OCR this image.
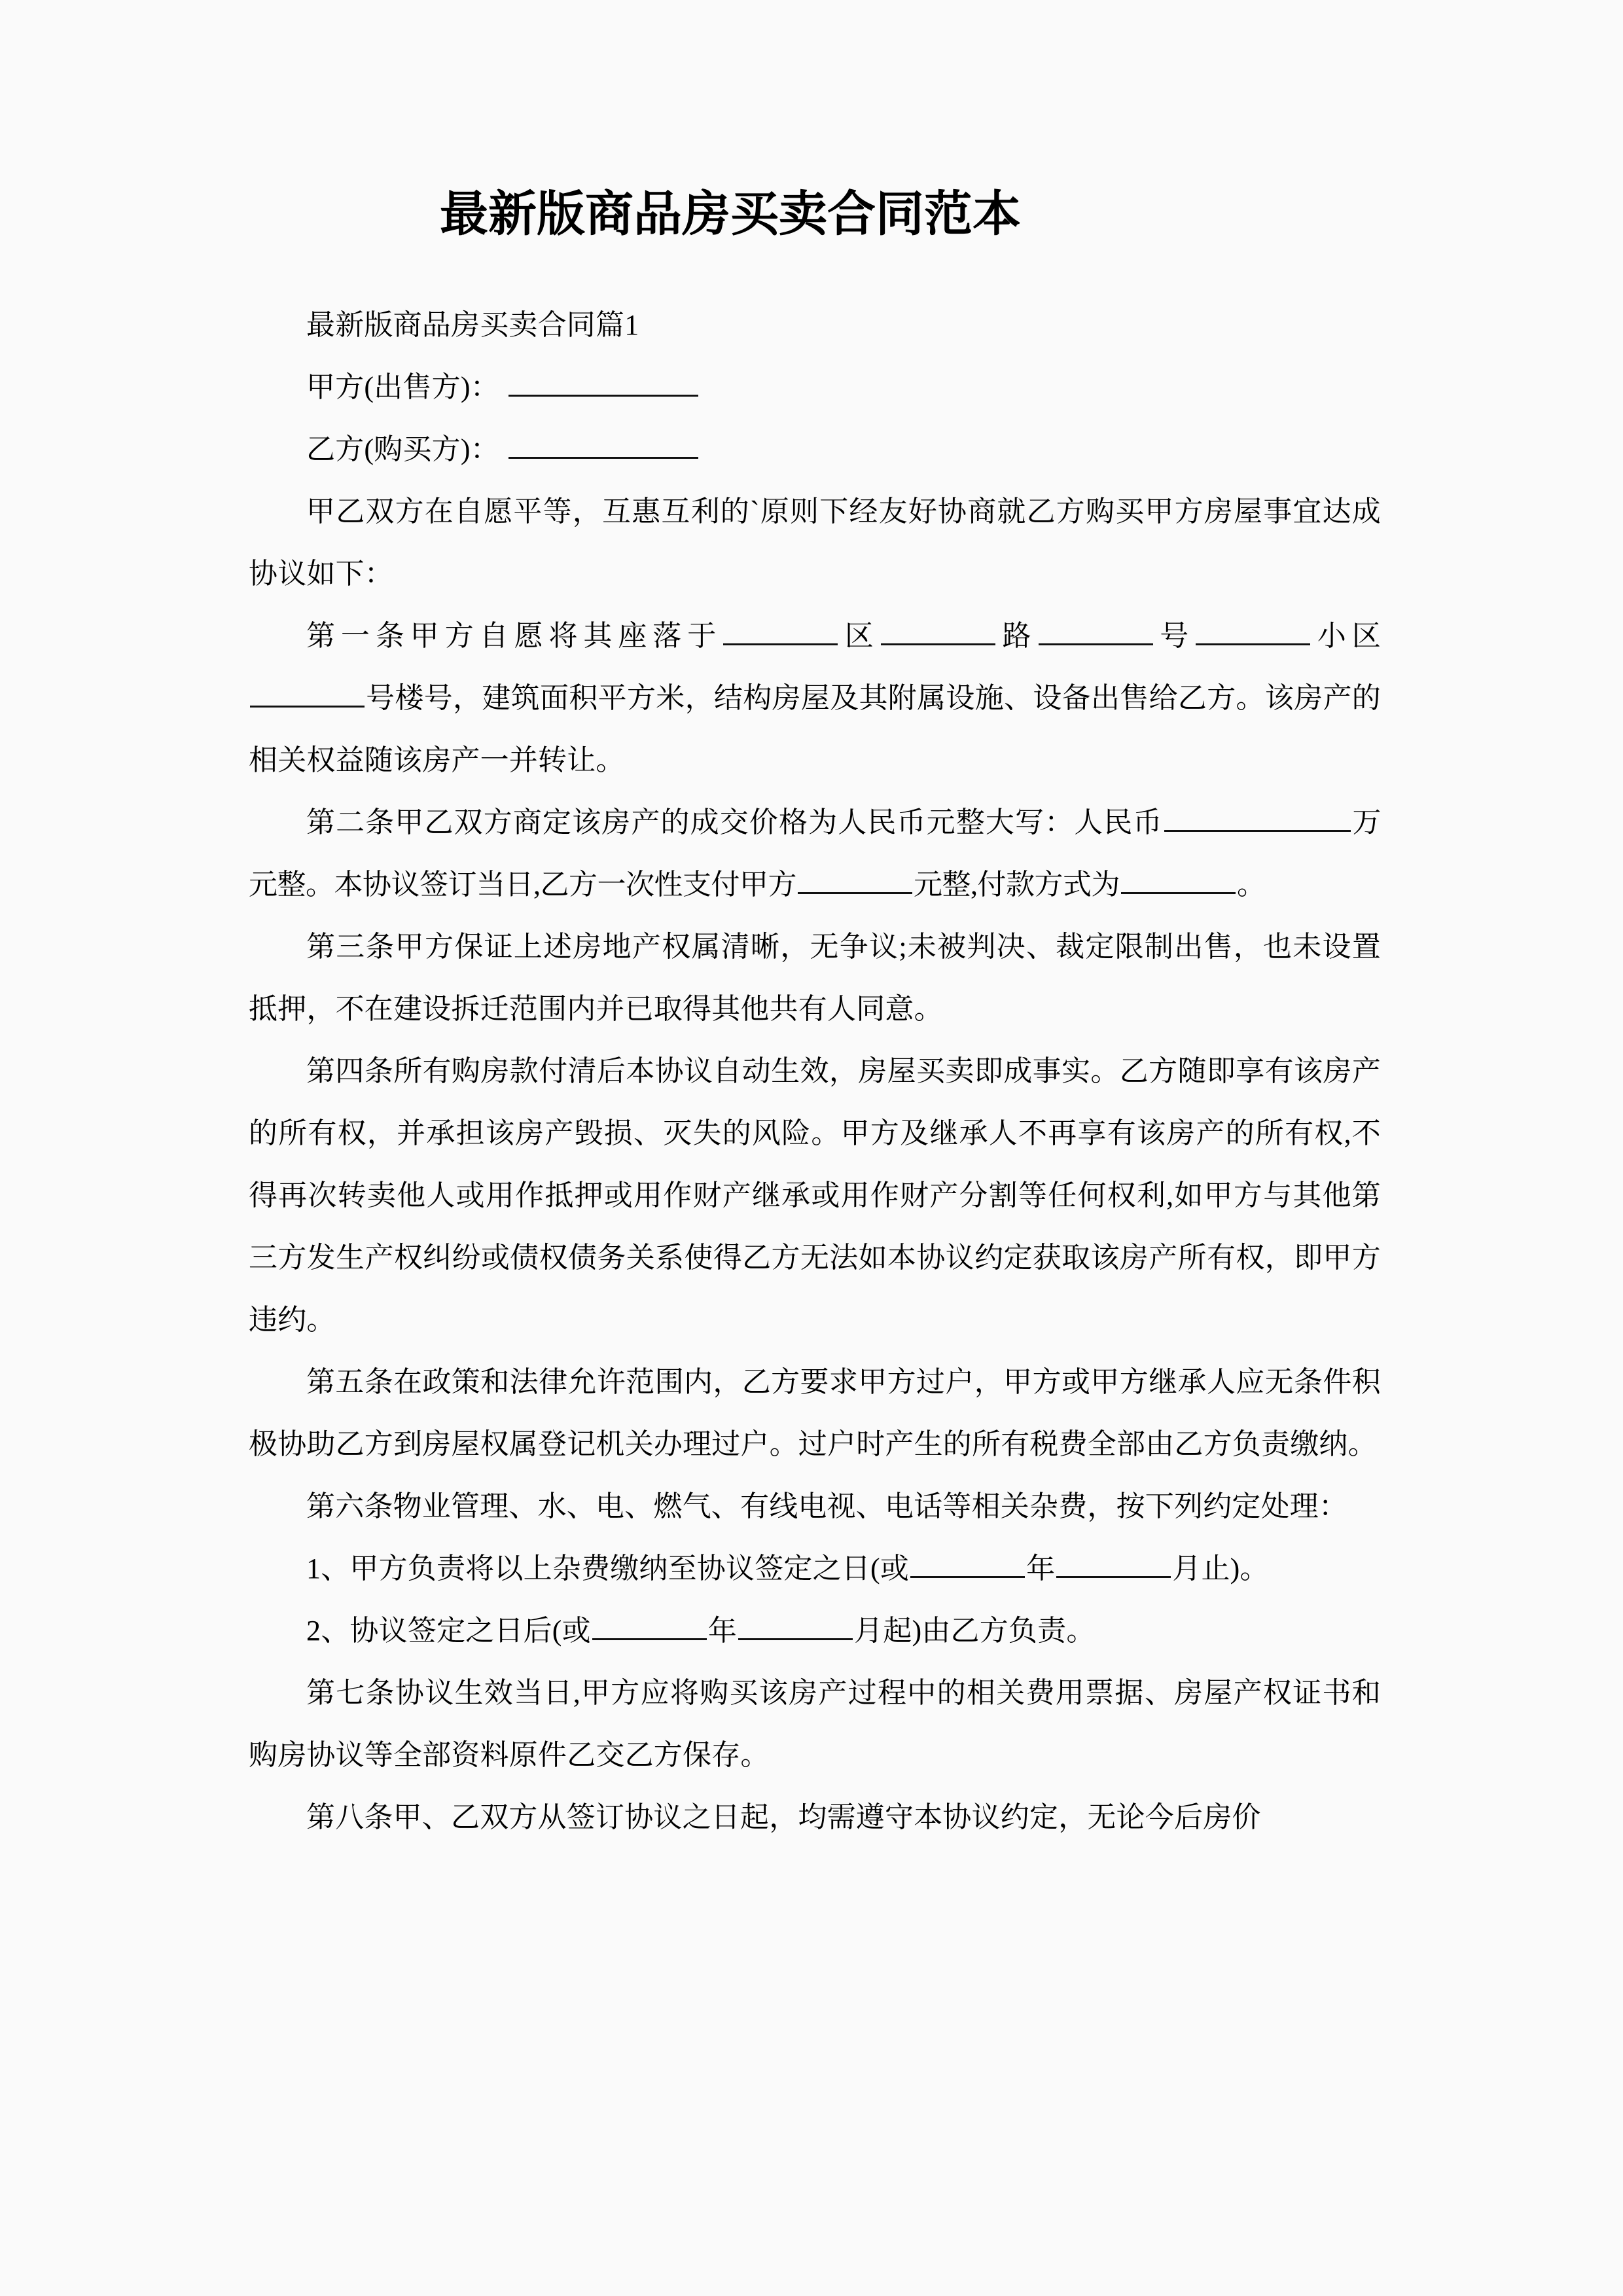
最新版商品房买卖合同范本

最新版商品房买卖合同篇1

甲方(出售方)：

乙方(购买方)：

甲乙双方在自愿平等，互惠互利的`原则下经友好协商就乙方购买甲方房屋事宜达成协议如下：

第一条甲方自愿将其座落于	区	路	号	小区号楼号，建筑面积平方米，结构房屋及其附属设施、设备出售给乙方。该房产的相关权益随该房产一并转让。

第二条甲乙双方商定该房产的成交价格为人民币元整大写：人民币	万元整。本协议签订当日,乙方一次性支付甲方	元整,付款方式为	。

第三条甲方保证上述房地产权属清晰，无争议;未被判决、裁定限制出售，也未设置抵押，不在建设拆迁范围内并已取得其他共有人同意。

第四条所有购房款付清后本协议自动生效，房屋买卖即成事实。乙方随即享有该房产的所有权，并承担该房产毁损、灭失的风险。甲方及继承人不再享有该房产的所有权,不得再次转卖他人或用作抵押或用作财产继承或用作财产分割等任何权利,如甲方与其他第三方发生产权纠纷或债权债务关系使得乙方无法如本协议约定获取该房产所有权，即甲方违约。

第五条在政策和法律允许范围内，乙方要求甲方过户，甲方或甲方继承人应无条件积极协助乙方到房屋权属登记机关办理过户。过户时产生的所有税费全部由乙方负责缴纳。

第六条物业管理、水、电、燃气、有线电视、电话等相关杂费，按下列约定处理：

1、甲方负责将以上杂费缴纳至协议签定之日(或	年	月止)。

2、协议签定之日后(或	年	月起)由乙方负责。

第七条协议生效当日,甲方应将购买该房产过程中的相关费用票据、房屋产权证书和购房协议等全部资料原件乙交乙方保存。

第八条甲、乙双方从签订协议之日起，均需遵守本协议约定，无论今后房价
